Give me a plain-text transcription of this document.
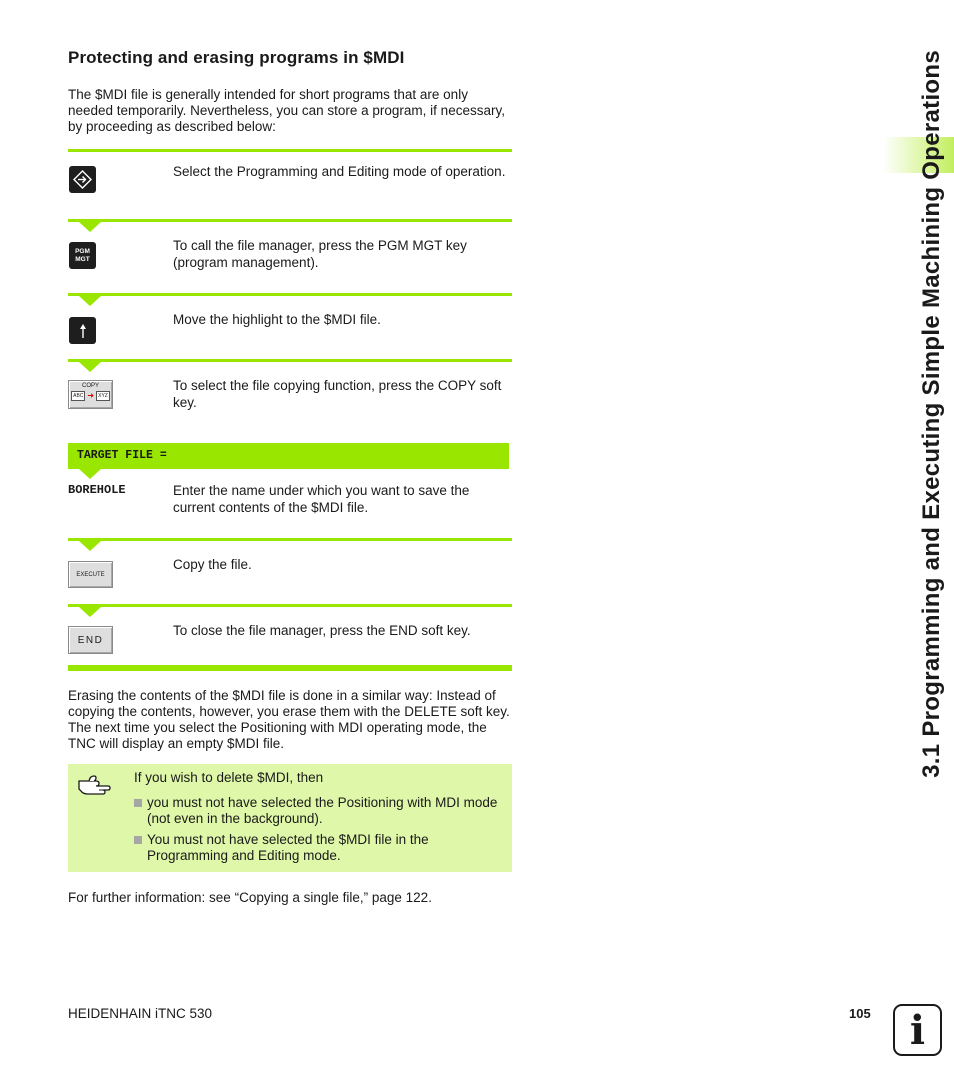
Protecting and erasing programs in $MDI
The $MDI file is generally intended for short programs that are only needed temporarily. Nevertheless, you can store a program, if necessary, by proceeding as described below:
Select the Programming and Editing mode of operation.
PGM
MGT
To call the file manager, press the PGM MGT key (program management).
Move the highlight to the $MDI file.
COPY
ABC ➜ XYZ
To select the file copying function, press the COPY soft key.
TARGET FILE =
BOREHOLE	Enter the name under which you want to save the current contents of the $MDI file.
EXECUTE
Copy the file.
END
To close the file manager, press the END soft key.
Erasing the contents of the $MDI file is done in a similar way: Instead of copying the contents, however, you erase them with the DELETE soft key. The next time you select the Positioning with MDI operating mode, the TNC will display an empty $MDI file.
If you wish to delete $MDI, then
you must not have selected the Positioning with MDI mode (not even in the background).
You must not have selected the $MDI file in the Programming and Editing mode.
For further information: see “Copying a single file,” page 122.
3.1 Programming and Executing Simple Machining Operations
HEIDENHAIN iTNC 530	105 i
